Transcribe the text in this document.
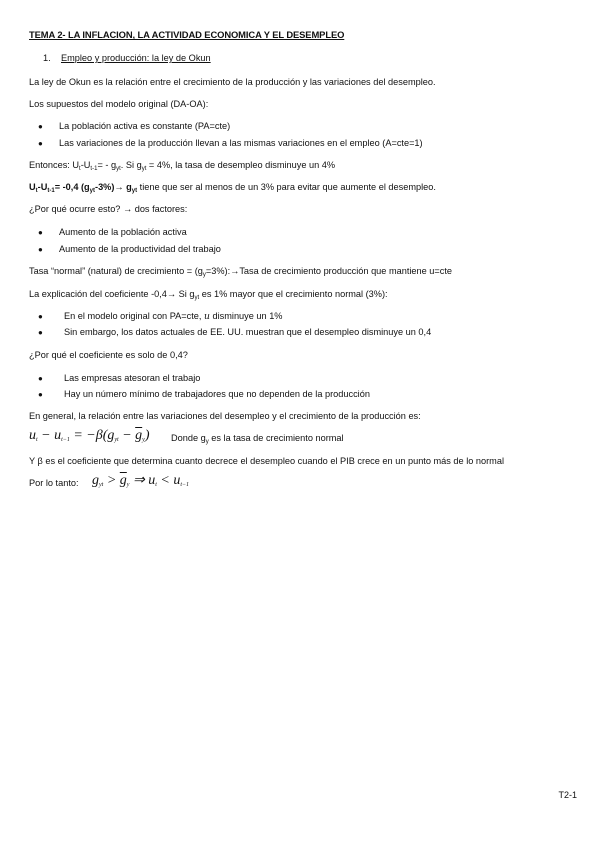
TEMA 2- LA INFLACION, LA ACTIVIDAD ECONOMICA Y EL DESEMPLEO
1. Empleo y producción: la ley de Okun
La ley de Okun es la relación entre el crecimiento de la producción y las variaciones del desempleo.
Los supuestos del modelo original (DA-OA):
● La población activa es constante (PA=cte)
● Las variaciones de la producción llevan a las mismas variaciones en el empleo (A=cte=1)
Entonces: $U_t-U_{t-1}= - g_{yt}$. Si $g_{yt} = 4\%$, la tasa de desempleo disminuye un 4%
$U_t-U_{t-1}= -0,4$ $(g_{yt}-3\%)\to g_{yt}$ tiene que ser al menos de un 3% para evitar que aumente el desempleo.
¿Por qué ocurre esto? → dos factores:
● Aumento de la población activa
● Aumento de la productividad del trabajo
Tasa “normal” (natural) de crecimiento = $(g_y=3\%):\to Tasa$ de crecimiento producción que mantiene u=cte
La explicación del coeficiente -0,4→ Si $g_{yt}$ es 1% mayor que el crecimiento normal (3%):
● En el modelo original con PA=cte, u disminuye un 1%
● Sin embargo, los datos actuales de EE. UU. muestran que el desempleo disminuye un 0,4
¿Por qué el coeficiente es solo de 0,4?
● Las empresas atesoran el trabajo
● Hay un número mínimo de trabajadores que no dependen de la producción
En general, la relación entre las variaciones del desempleo y el crecimiento de la producción es:
$u_t - u_{t-1} = -\beta(g_{yt} - \overline{g}_y)$ Donde $g_y$ es la tasa de crecimiento normal
Y β es el coeficiente que determina cuanto decrece el desempleo cuando el PIB crece en un punto más de lo normal
Por lo tanto: $g_{yt} > \overline{g}_y$ ⇒ $u_t < u_{t-1}$
T2-1
